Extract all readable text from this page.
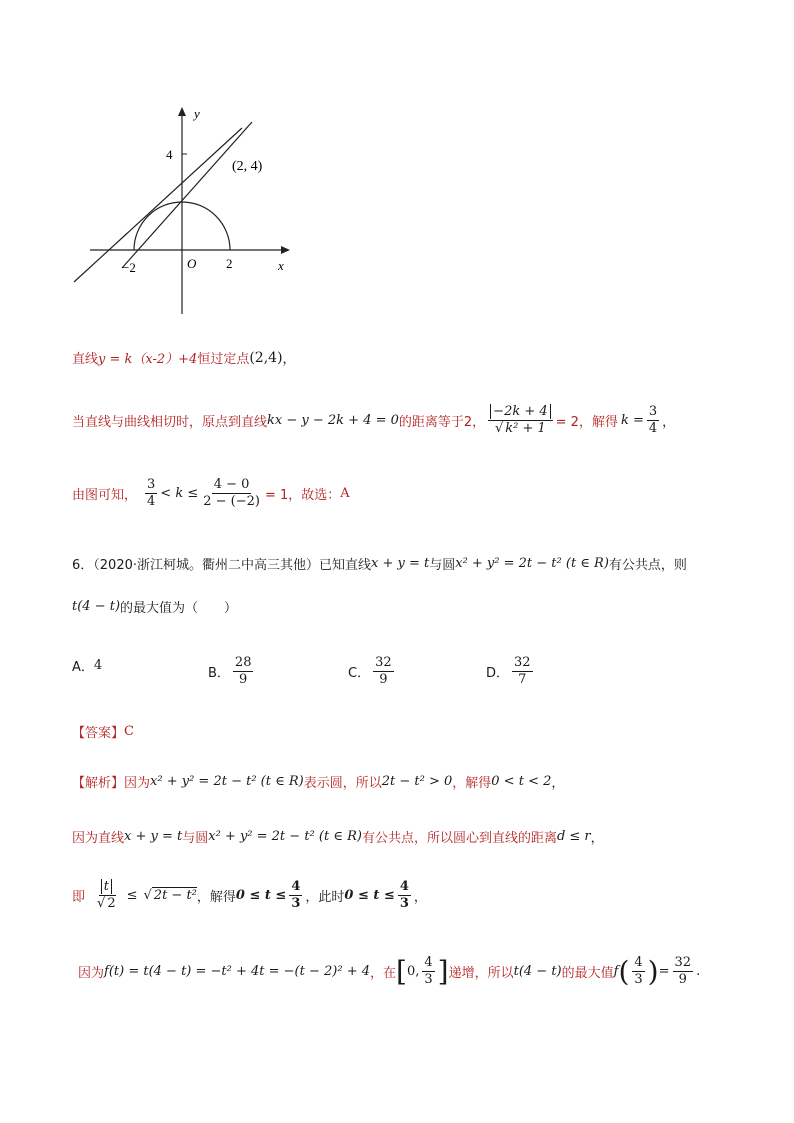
y
4
(2, 4)
O
−2	2	x
直线 y = k（x-2）+4 恒过定点 (2,4) ，
当直线与曲线相切时，原点到直线 kx − y − 2k + 4 = 0 的距离等于2， $\frac{-2k + 4}{\text{√ k² + 1}} = 2$，解得 $k = \frac{3}{4}$ ，
由图可知， $\frac{3}{4} < k \le \frac{4 - 0}{2 - (-2)} = 1$，故选： A
6．（2020·浙江柯城。衢州二中高三其他）已知直线 x + y = t 与圆 x² + y² = 2t − t² (t ∈ R) 有公共点，则
t(4 − t) 的最大值为（　　）
A． 4
B． $\frac{28}{9}$	C． $\frac{32}{9}$	D． $\frac{32}{7}$
【答案】 C
【解析】 因为 x² + y² = 2t − t² (t ∈ R) 表示圆，所以 2t − t² > 0 ，解得 0 < t < 2 ，
因为直线 x + y = t 与圆 x² + y² = 2t − t² (t ∈ R) 有公共点，所以圆心到直线的距离 d ≤ r ，
即 $\frac{t}{√ 2}$ ≤ √ 2t − t² ，解得 $0 \le t \le \frac{4}{3}$ ，此时 $0 \le t \le \frac{4}{3}$ ，
因为 f(t) = t(4 − t) = −t² + 4t = −(t − 2)² + 4 ，在 [ 0, $\frac{4}{3}$ ] 递增，所以 t(4 − t) 的最大值 f ( $\frac{4}{3}$ ) = $\frac{32}{9}$ .
